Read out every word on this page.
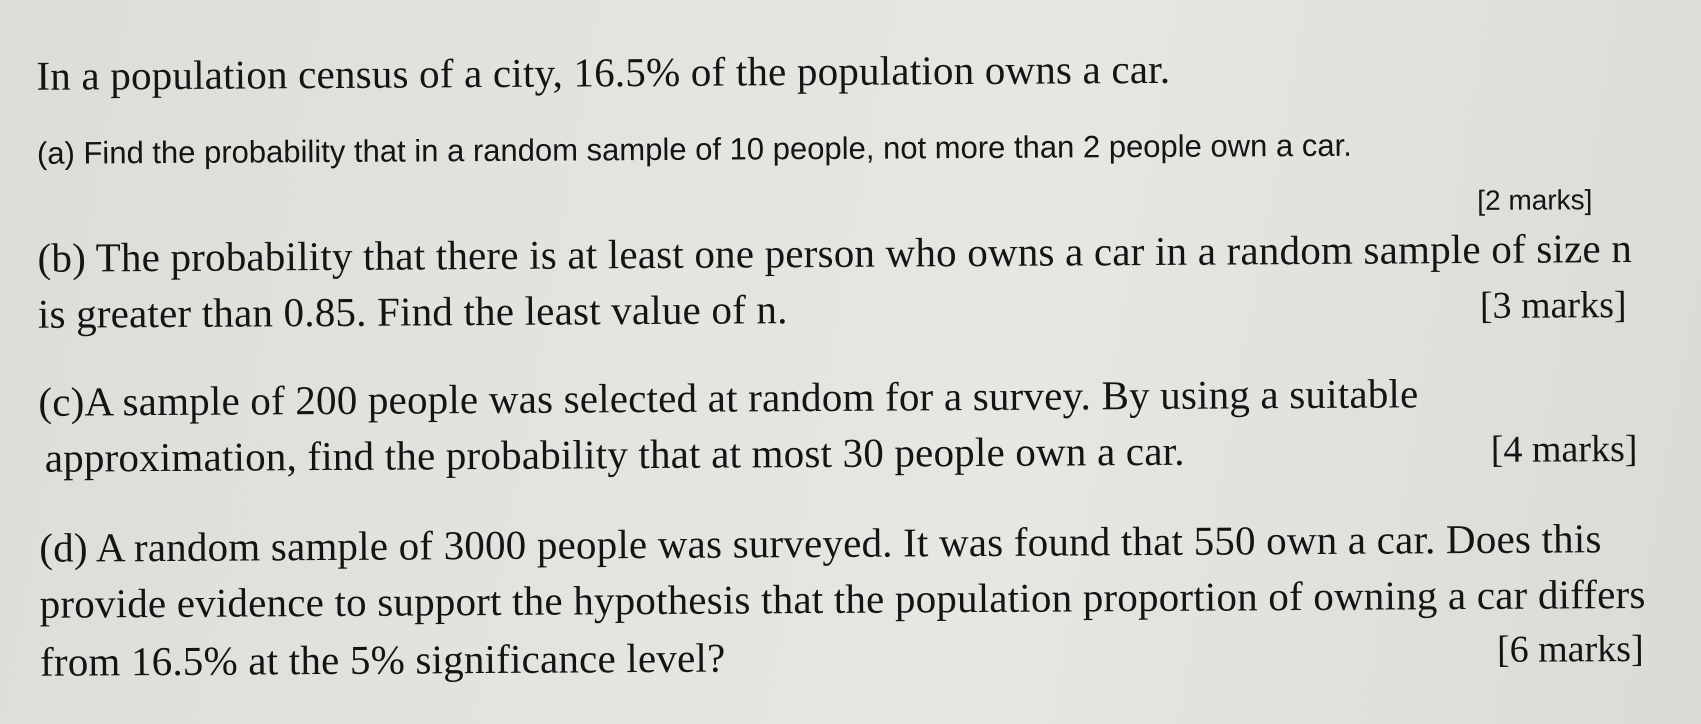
In a population census of a city, 16.5% of the population owns a car.

(a) Find the probability that in a random sample of 10 people, not more than 2 people own a car.

[2 marks]

(b) The probability that there is at least one person who owns a car in a random sample of size n

is greater than 0.85. Find the least value of n.	[3 marks]

(c)A sample of 200 people was selected at random for a survey. By using a suitable

approximation, find the probability that at most 30 people own a car.	[4 marks]

(d) A random sample of 3000 people was surveyed. It was found that 550 own a car. Does this

provide evidence to support the hypothesis that the population proportion of owning a car differs

from 16.5% at the 5% significance level?	[6 marks]
